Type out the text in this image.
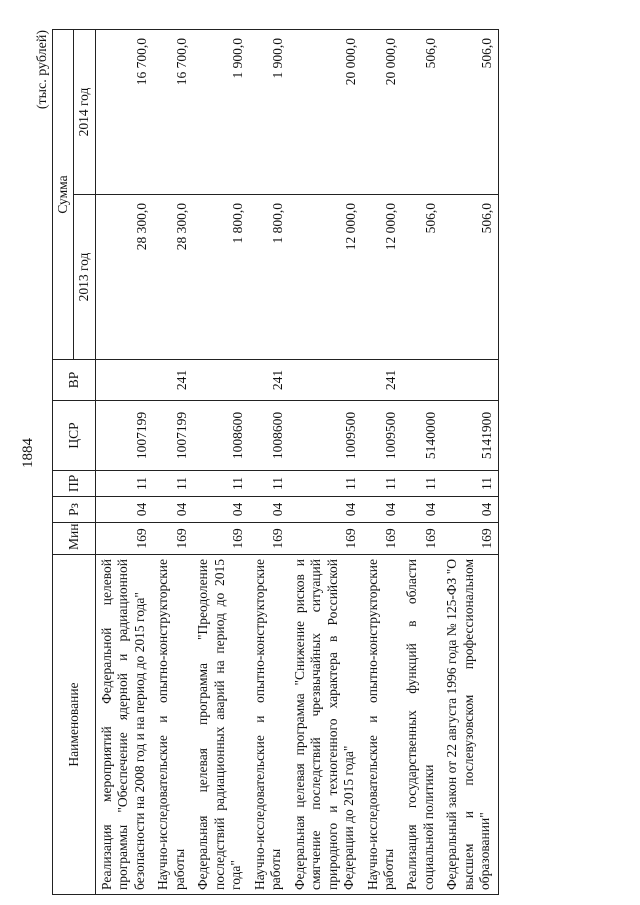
1884
(тыс. рублей)
Наименование	Мин	Рз	ПР	ЦСР	ВР	Сумма	
						2013 год	2014 год
Реализация мероприятий Федеральной целевой программы "Обеспечение ядерной и радиационной безопасности на 2008 год и на период до 2015 года"	169	04	11	1007199		28 300,0	16 700,0
Научно-исследовательские и опытно-конструкторские работы	169	04	11	1007199	241	28 300,0	16 700,0
Федеральная целевая программа "Преодоление последствий радиационных аварий на период до 2015 года"	169	04	11	1008600		1 800,0	1 900,0
Научно-исследовательские и опытно-конструкторские работы	169	04	11	1008600	241	1 800,0	1 900,0
Федеральная целевая программа "Снижение рисков и смягчение последствий чрезвычайных ситуаций природного и техногенного характера в Российской Федерации до 2015 года"	169	04	11	1009500		12 000,0	20 000,0
Научно-исследовательские и опытно-конструкторские работы	169	04	11	1009500	241	12 000,0	20 000,0
Реализация государственных функций в области социальной политики	169	04	11	5140000		506,0	506,0
Федеральный закон от 22 августа 1996 года № 125-ФЗ "О высшем и послевузовском профессиональном образовании"	169	04	11	5141900		506,0	506,0
